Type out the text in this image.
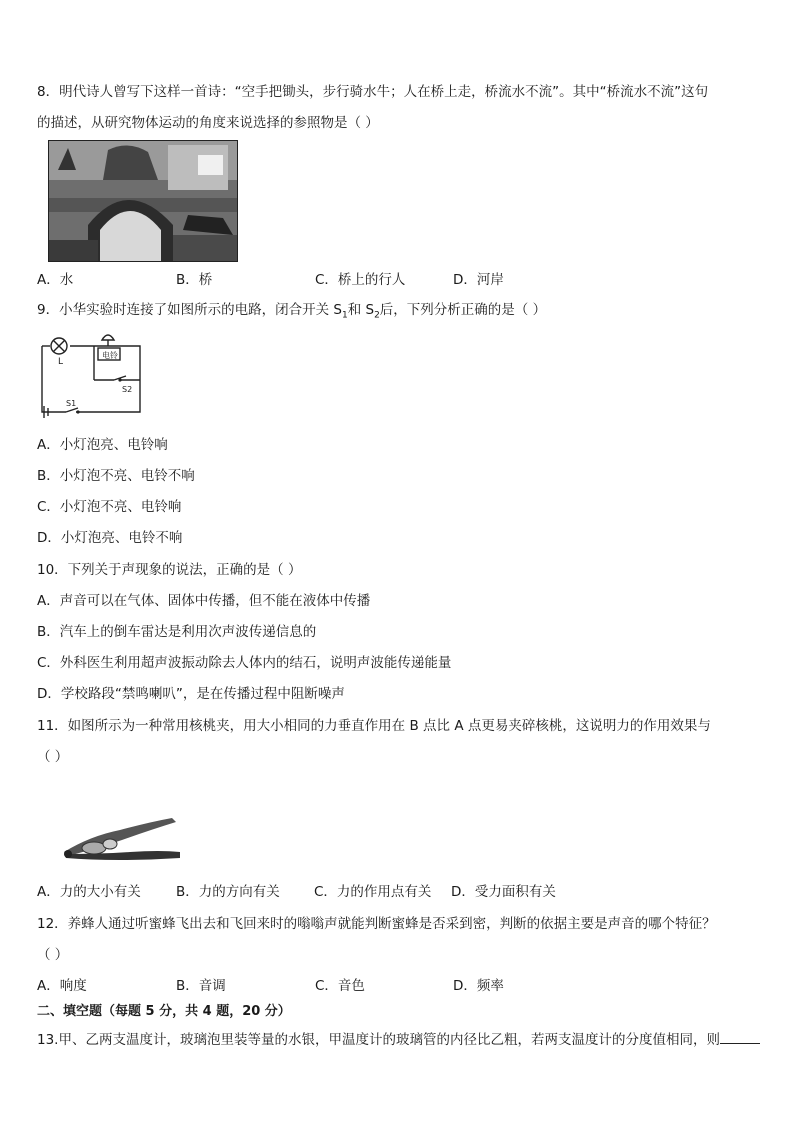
8．明代诗人曾写下这样一首诗：“空手把锄头，步行骑水牛；人在桥上走，桥流水不流”。其中“桥流水不流”这句
的描述，从研究物体运动的角度来说选择的参照物是（ ）
A．水	B．桥	C．桥上的行人	D．河岸
9．小华实验时连接了如图所示的电路，闭合开关 $S_1$和 $S_2$后，下列分析正确的是（ ）
电铃
L
S2
S1
A．小灯泡亮、电铃响
B．小灯泡不亮、电铃不响
C．小灯泡不亮、电铃响
D．小灯泡亮、电铃不响
10．下列关于声现象的说法，正确的是（ ）
A．声音可以在气体、固体中传播，但不能在液体中传播
B．汽车上的倒车雷达是利用次声波传递信息的
C．外科医生利用超声波振动除去人体内的结石，说明声波能传递能量
D．学校路段“禁鸣喇叭”，是在传播过程中阻断噪声
11．如图所示为一种常用核桃夹，用大小相同的力垂直作用在 B 点比 A 点更易夹碎核桃，这说明力的作用效果与
（ ）
A．力的大小有关	B．力的方向有关	C．力的作用点有关 D．受力面积有关
12．养蜂人通过听蜜蜂飞出去和飞回来时的嗡嗡声就能判断蜜蜂是否采到密，判断的依据主要是声音的哪个特征？
（ ）
A．响度	B．音调	C．音色	D．频率
二、填空题（每题 5 分，共 4 题，20 分）
13.甲、乙两支温度计，玻璃泡里装等量的水银，甲温度计的玻璃管的内径比乙粗，若两支温度计的分度值相同，则
